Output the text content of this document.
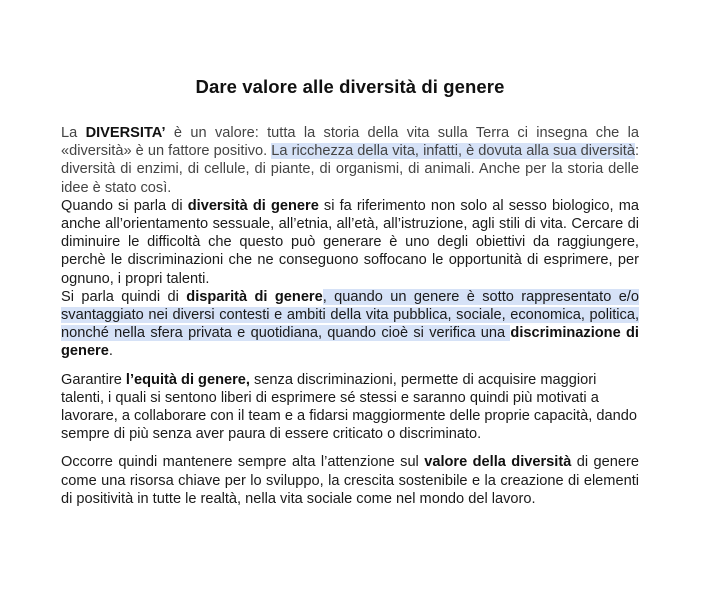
Dare valore alle diversità di genere

La DIVERSITA’ è un valore: tutta la storia della vita sulla Terra ci insegna che la «diversità» è un fattore positivo. La ricchezza della vita, infatti, è dovuta alla sua diversità: diversità di enzimi, di cellule, di piante, di organismi, di animali. Anche per la storia delle idee è stato così.

Quando si parla di diversità di genere si fa riferimento non solo al sesso biologico, ma anche all’orientamento sessuale, all’etnia, all’età, all’istruzione, agli stili di vita. Cercare di diminuire le difficoltà che questo può generare è uno degli obiettivi da raggiungere, perchè le discriminazioni che ne conseguono soffocano le opportunità di esprimere, per ognuno, i propri talenti.

Si parla quindi di disparità di genere, quando un genere è sotto rappresentato e/o svantaggiato nei diversi contesti e ambiti della vita pubblica, sociale, economica, politica, nonché nella sfera privata e quotidiana, quando cioè si verifica una discriminazione di genere.

Garantire l’equità di genere, senza discriminazioni, permette di acquisire maggiori talenti, i quali si sentono liberi di esprimere sé stessi e saranno quindi più motivati a lavorare, a collaborare con il team e a fidarsi maggiormente delle proprie capacità, dando sempre di più senza aver paura di essere criticato o discriminato.

Occorre quindi mantenere sempre alta l’attenzione sul valore della diversità di genere come una risorsa chiave per lo sviluppo, la crescita sostenibile e la creazione di elementi di positività in tutte le realtà, nella vita sociale come nel mondo del lavoro.
